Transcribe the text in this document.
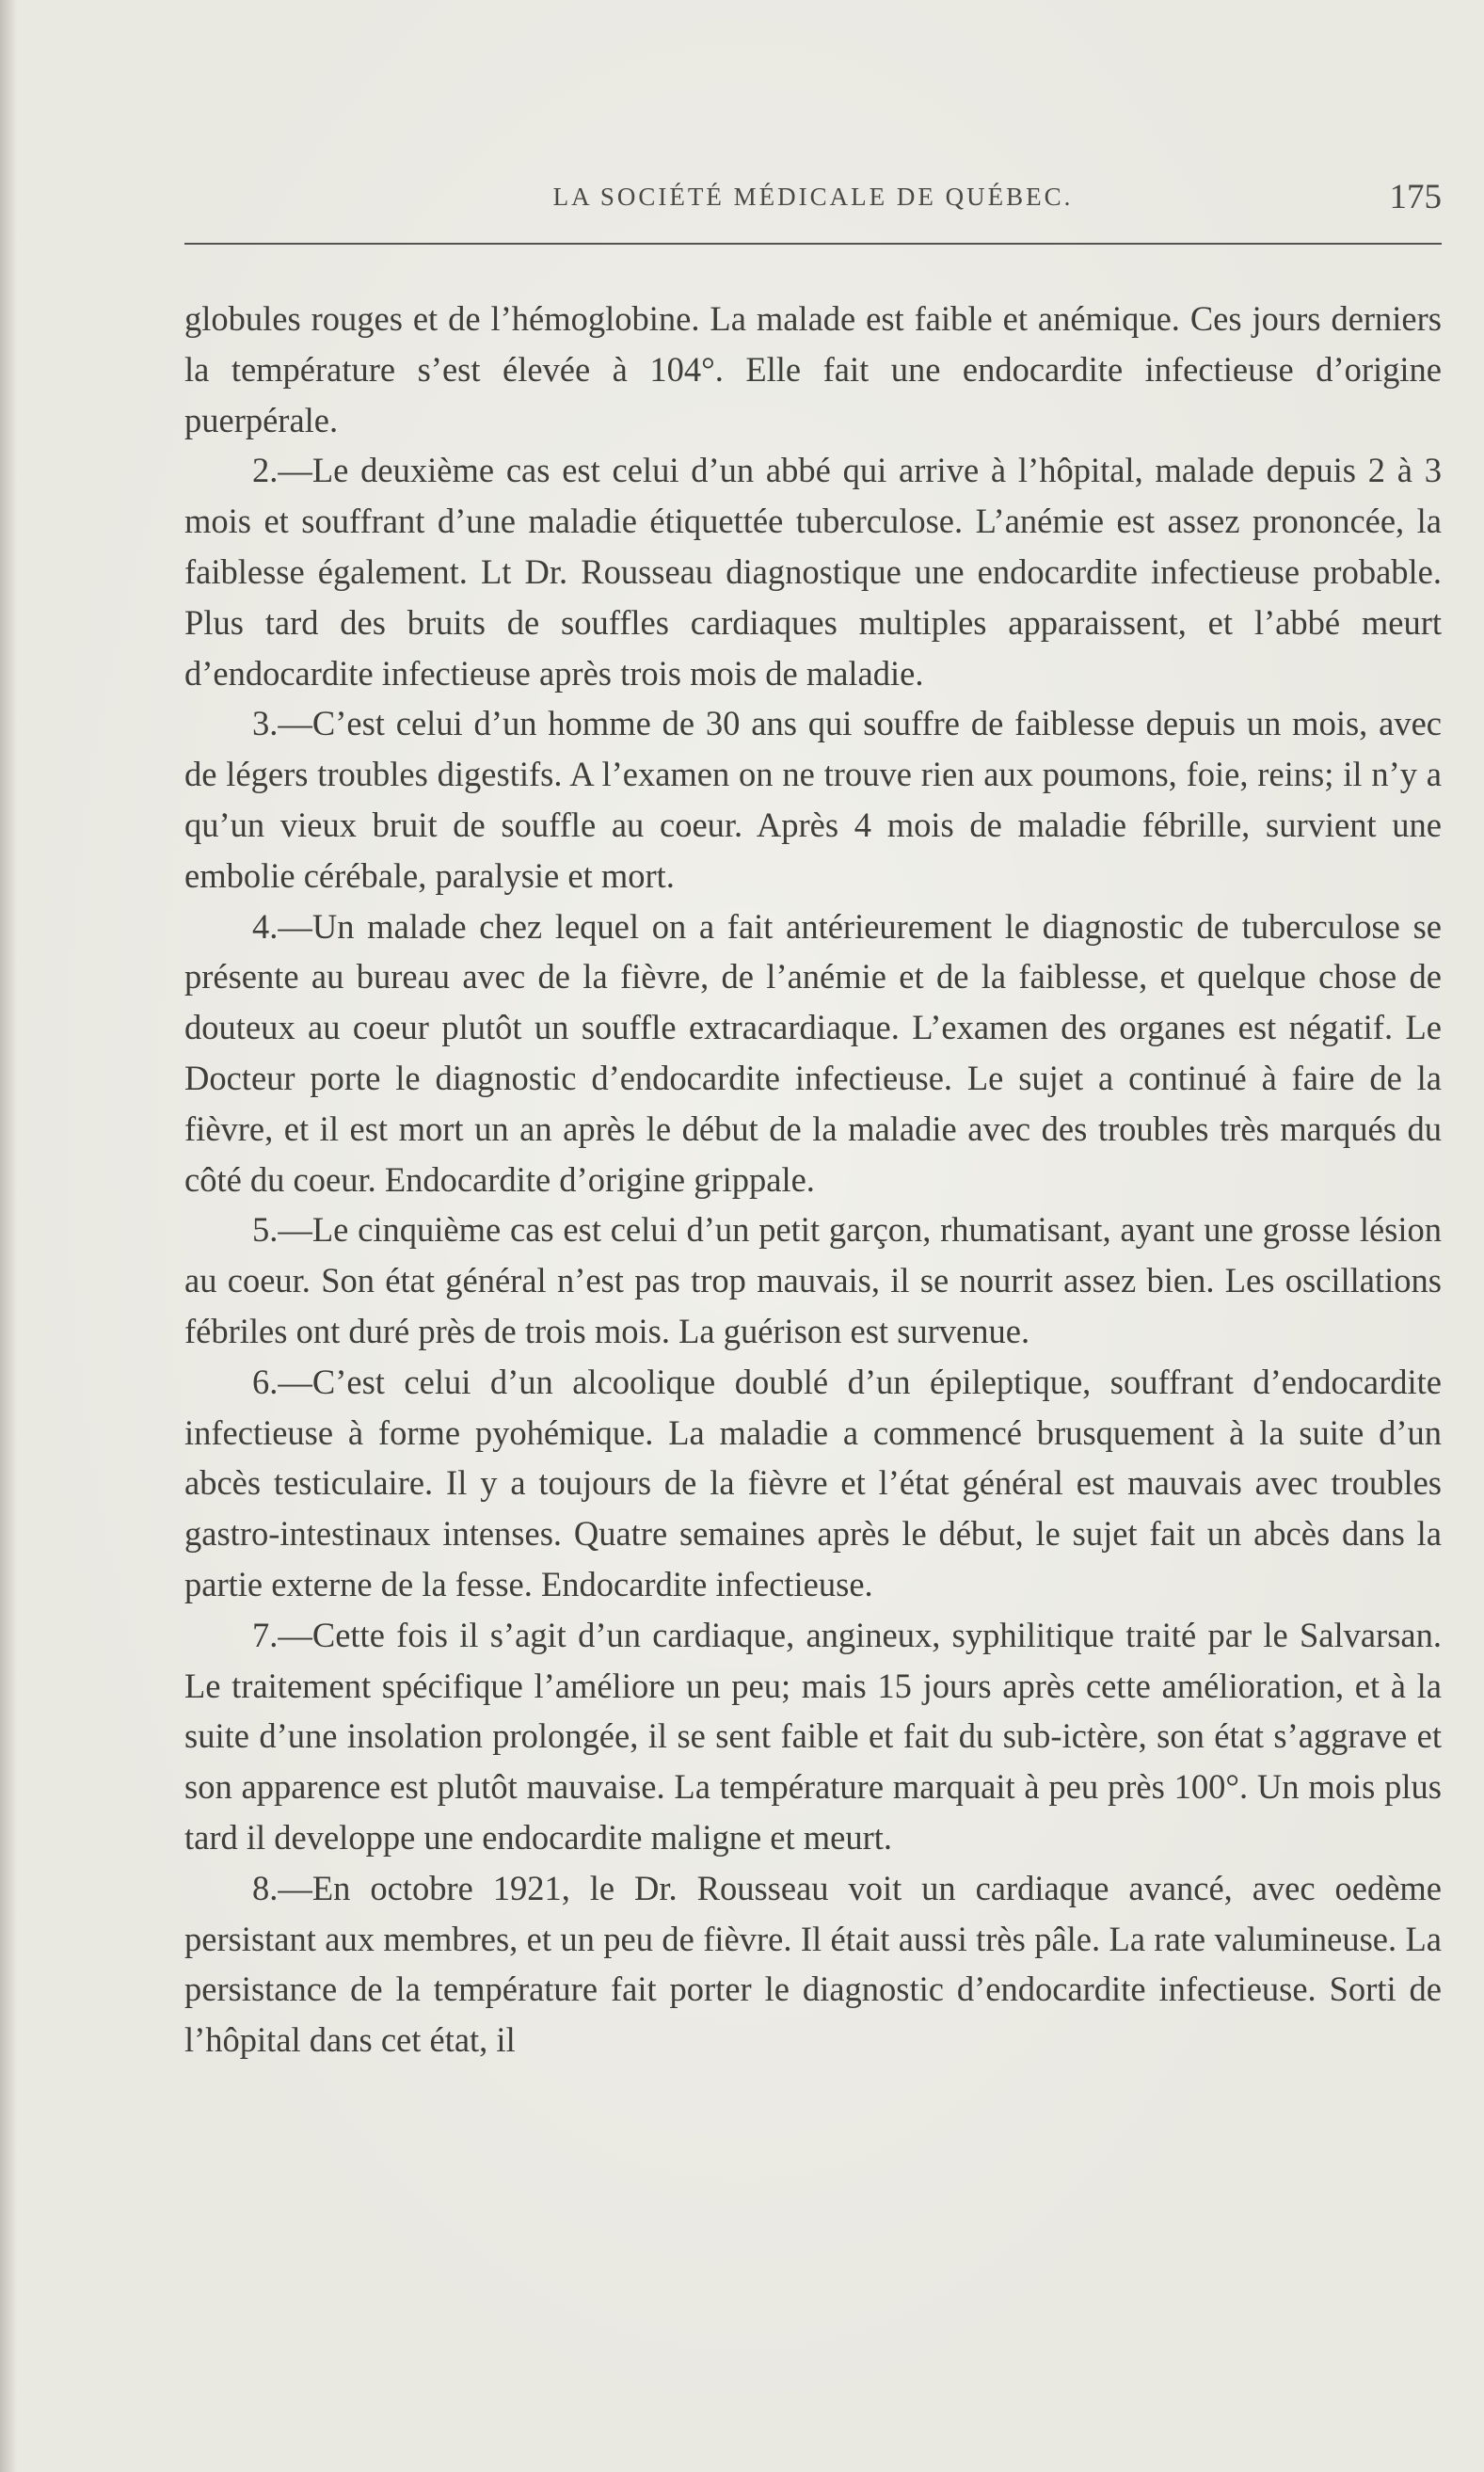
LA SOCIÉTÉ MÉDICALE DE QUÉBEC.	175

globules rouges et de l’hémoglobine. La malade est faible et anémique. Ces jours derniers la température s’est élevée à 104°. Elle fait une endocardite infectieuse d’origine puerpérale.

2.—Le deuxième cas est celui d’un abbé qui arrive à l’hôpital, malade depuis 2 à 3 mois et souffrant d’une maladie étiquettée tuberculose. L’anémie est assez prononcée, la faiblesse également. Lt Dr. Rousseau diagnostique une endocardite infectieuse probable. Plus tard des bruits de souffles cardiaques multiples apparaissent, et l’abbé meurt d’endocardite infectieuse après trois mois de maladie.

3.—C’est celui d’un homme de 30 ans qui souffre de faiblesse depuis un mois, avec de légers troubles digestifs. A l’examen on ne trouve rien aux poumons, foie, reins; il n’y a qu’un vieux bruit de souffle au coeur. Après 4 mois de maladie fébrille, survient une embolie cérébale, paralysie et mort.

4.—Un malade chez lequel on a fait antérieurement le diagnostic de tuberculose se présente au bureau avec de la fièvre, de l’anémie et de la faiblesse, et quelque chose de douteux au coeur plutôt un souffle extracardiaque. L’examen des organes est négatif. Le Docteur porte le diagnostic d’endocardite infectieuse. Le sujet a continué à faire de la fièvre, et il est mort un an après le début de la maladie avec des troubles très marqués du côté du coeur. Endocardite d’origine grippale.

5.—Le cinquième cas est celui d’un petit garçon, rhumatisant, ayant une grosse lésion au coeur. Son état général n’est pas trop mauvais, il se nourrit assez bien. Les oscillations fébriles ont duré près de trois mois. La guérison est survenue.

6.—C’est celui d’un alcoolique doublé d’un épileptique, souffrant d’endocardite infectieuse à forme pyohémique. La maladie a commencé brusquement à la suite d’un abcès testiculaire. Il y a toujours de la fièvre et l’état général est mauvais avec troubles gastro-intestinaux intenses. Quatre semaines après le début, le sujet fait un abcès dans la partie externe de la fesse. Endocardite infectieuse.

7.—Cette fois il s’agit d’un cardiaque, angineux, syphilitique traité par le Salvarsan. Le traitement spécifique l’améliore un peu; mais 15 jours après cette amélioration, et à la suite d’une insolation prolongée, il se sent faible et fait du sub-ictère, son état s’aggrave et son apparence est plutôt mauvaise. La température marquait à peu près 100°. Un mois plus tard il developpe une endocardite maligne et meurt.

8.—En octobre 1921, le Dr. Rousseau voit un cardiaque avancé, avec oedème persistant aux membres, et un peu de fièvre. Il était aussi très pâle. La rate valumineuse. La persistance de la température fait porter le diagnostic d’endocardite infectieuse. Sorti de l’hôpital dans cet état, il
